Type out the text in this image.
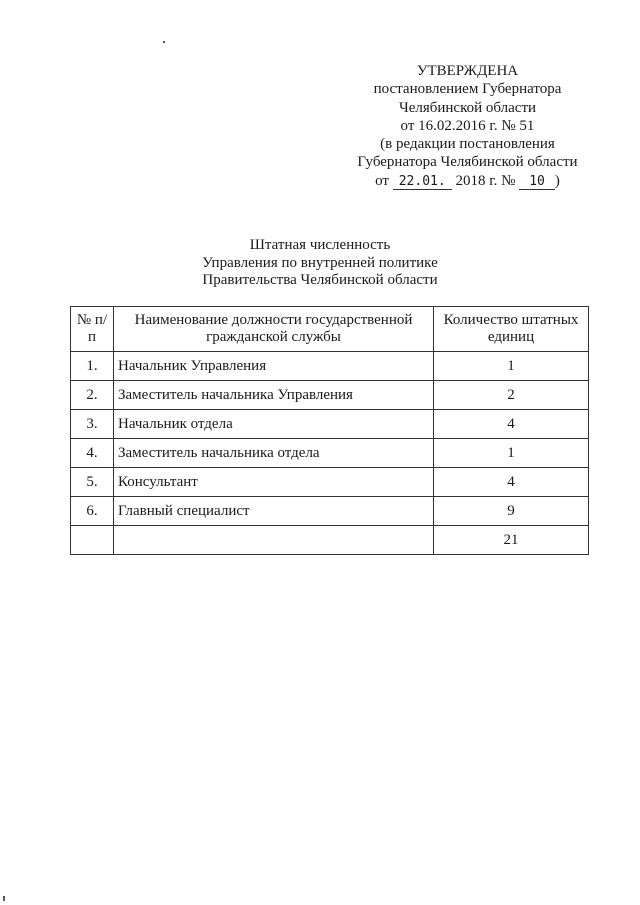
УТВЕРЖДЕНА
постановлением Губернатора
Челябинской области
от 16.02.2016 г. № 51
(в редакции постановления
Губернатора Челябинской области
от 22.01. 2018 г. № 10 )
Штатная численность
Управления по внутренней политике
Правительства Челябинской области
№ п/п	Наименование должности государственной гражданской службы	Количество штатных единиц
1.	Начальник Управления	1
2.	Заместитель начальника Управления	2
3.	Начальник отдела	4
4.	Заместитель начальника отдела	1
5.	Консультант	4
6.	Главный специалист	9
		21
